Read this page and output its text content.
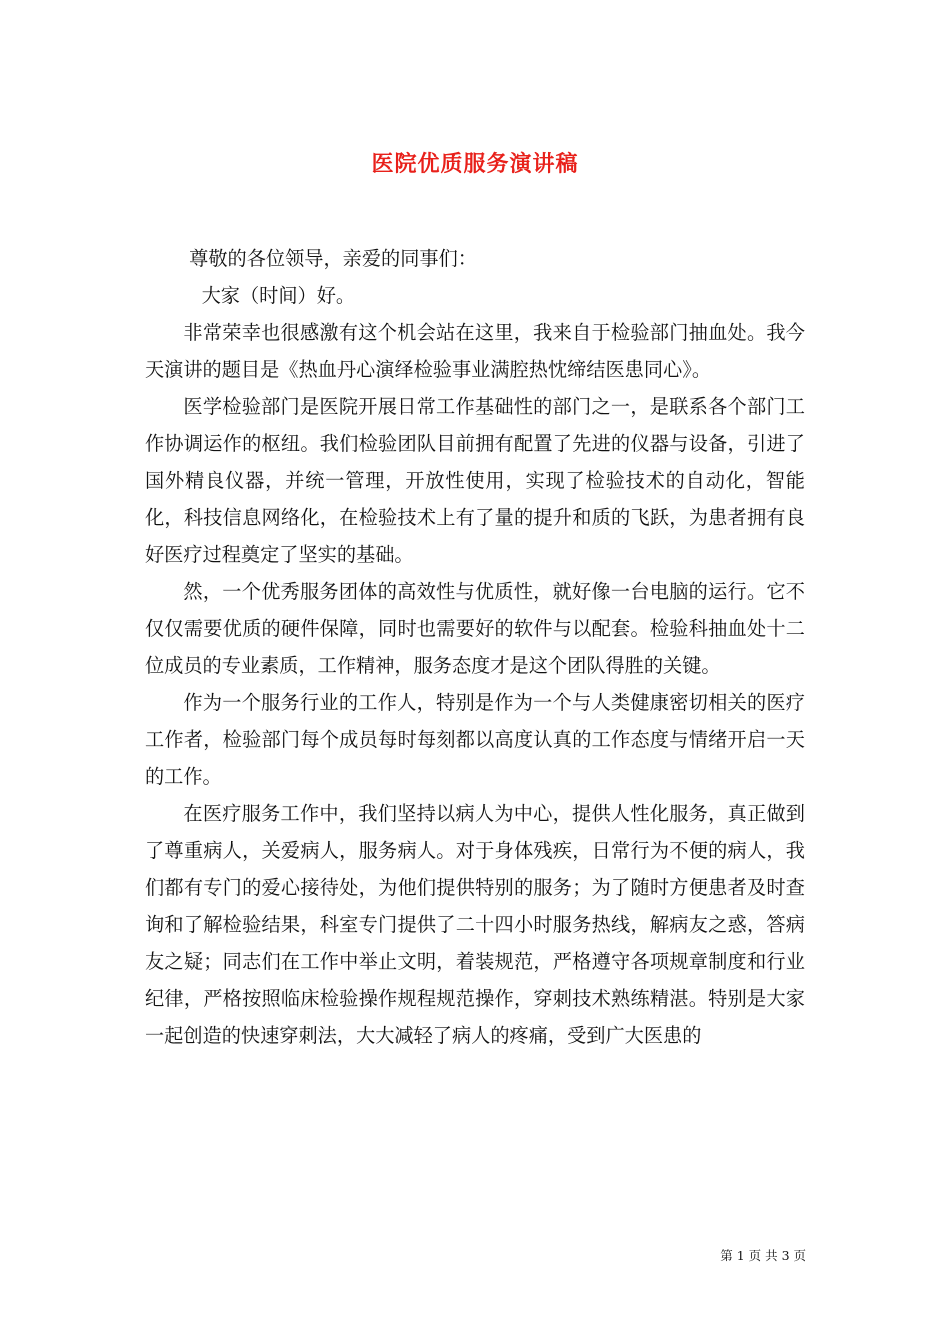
医院优质服务演讲稿

尊敬的各位领导，亲爱的同事们：

大家（时间）好。

非常荣幸也很感激有这个机会站在这里，我来自于检验部门抽血处。我今天演讲的题目是《热血丹心演绎检验事业满腔热忱缔结医患同心》。

医学检验部门是医院开展日常工作基础性的部门之一，是联系各个部门工作协调运作的枢纽。我们检验团队目前拥有配置了先进的仪器与设备，引进了国外精良仪器，并统一管理，开放性使用，实现了检验技术的自动化，智能化，科技信息网络化，在检验技术上有了量的提升和质的飞跃，为患者拥有良好医疗过程奠定了坚实的基础。

然，一个优秀服务团体的高效性与优质性，就好像一台电脑的运行。它不仅仅需要优质的硬件保障，同时也需要好的软件与以配套。检验科抽血处十二位成员的专业素质，工作精神，服务态度才是这个团队得胜的关键。

作为一个服务行业的工作人，特别是作为一个与人类健康密切相关的医疗工作者，检验部门每个成员每时每刻都以高度认真的工作态度与情绪开启一天的工作。

在医疗服务工作中，我们坚持以病人为中心，提供人性化服务，真正做到了尊重病人，关爱病人，服务病人。对于身体残疾，日常行为不便的病人，我们都有专门的爱心接待处，为他们提供特别的服务；为了随时方便患者及时查询和了解检验结果，科室专门提供了二十四小时服务热线，解病友之惑，答病友之疑；同志们在工作中举止文明，着装规范，严格遵守各项规章制度和行业纪律，严格按照临床检验操作规程规范操作，穿刺技术熟练精湛。特别是大家一起创造的快速穿刺法，大大减轻了病人的疼痛，受到广大医患的

第 1 页 共 3 页
